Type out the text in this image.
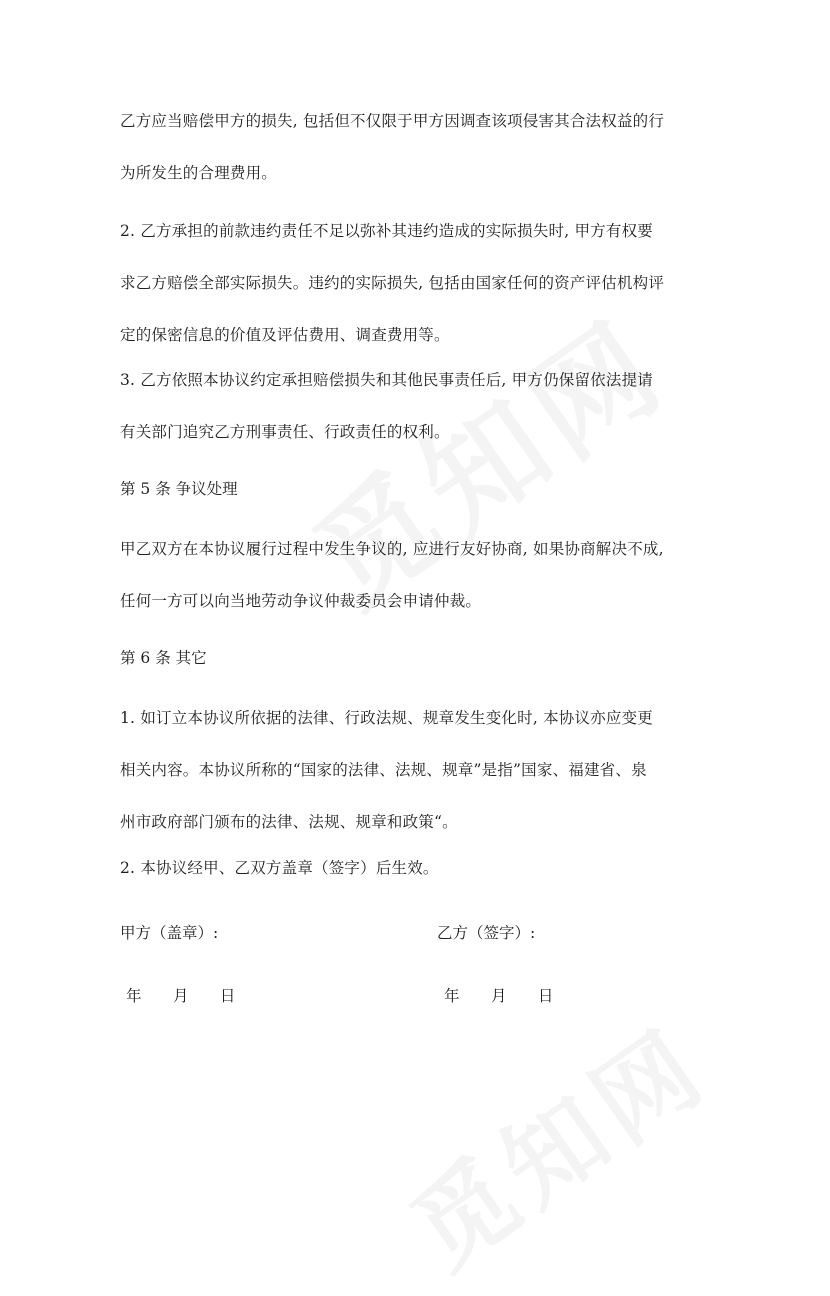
乙方应当赔偿甲方的损失, 包括但不仅限于甲方因调查该项侵害其合法权益的行

为所发生的合理费用。

2. 乙方承担的前款违约责任不足以弥补其违约造成的实际损失时, 甲方有权要

求乙方赔偿全部实际损失。违约的实际损失, 包括由国家任何的资产评估机构评

定的保密信息的价值及评估费用、调查费用等。

3. 乙方依照本协议约定承担赔偿损失和其他民事责任后, 甲方仍保留依法提请

有关部门追究乙方刑事责任、行政责任的权利。

第 5 条 争议处理

甲乙双方在本协议履行过程中发生争议的, 应进行友好协商, 如果协商解决不成,

任何一方可以向当地劳动争议仲裁委员会申请仲裁。

第 6 条 其它

1. 如订立本协议所依据的法律、行政法规、规章发生变化时, 本协议亦应变更

相关内容。本协议所称的“国家的法律、法规、规章”是指”国家、福建省、泉

州市政府部门颁布的法律、法规、规章和政策“。

2. 本协议经甲、乙双方盖章（签字）后生效。

甲方（盖章）:	乙方（签字）:
年 月 日	年 月 日
